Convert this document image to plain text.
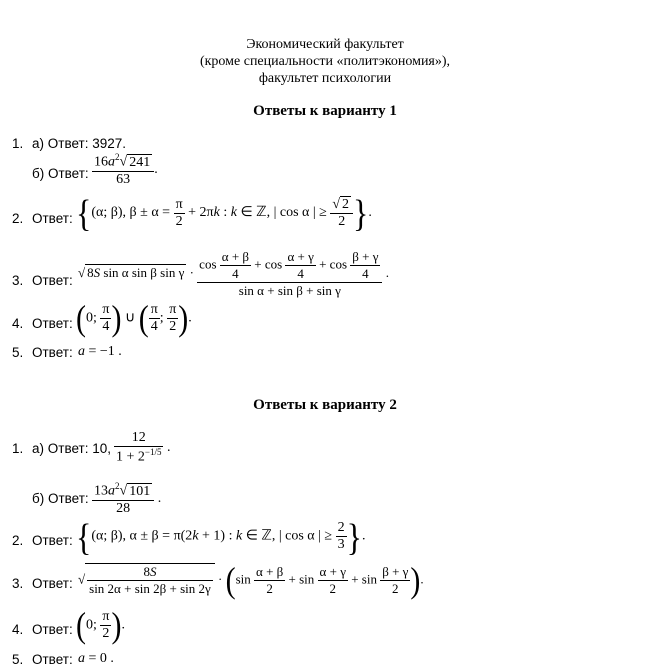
Экономический факультет
(кроме специальности «политэкономия»),
факультет психологии
Ответы к варианту 1
1. а) Ответ: 3927.
б) Ответ: $\frac{16a^2√ 241}{63}$ .
2. Ответ: {(α; β), $\beta \pm \alpha = \frac{\pi}{2} + 2\pi k$ : k ∈ ℤ, | cos α | ≥ $\frac{√ 2}{2}$ }.
3. Ответ:
√ 8S sin α sin β $\sin \gamma \cdot \frac{\cos \frac{\alpha + \beta}{4} + \cos \frac{\alpha + \gamma}{4} + \cos \frac{\beta + \gamma}{4}}{\text{sin α + sin β + sin γ}}$ .
4. Ответ: (0; $\frac{\pi}{4}$ ) ∪ ( $\frac{\pi}{4}$ ; $\frac{\pi}{2}$ ).
5. Ответ: a = −1 .
Ответы к варианту 2
1. а) Ответ: 10, $\frac{12}{1 + 2^{-1/5}}$ .
б) Ответ: $\frac{13a^2√ 101}{28}$ .
2. Ответ: {(α; β), α ± β = π(2k + 1) : k ∈ ℤ, | cos α | ≥ $\frac{2}{3}$ }.
3. Ответ: √ $\frac{8S}{\sin 2\alpha + \sin 2\beta + \sin 2\gamma} \cdot (\sin \frac{\alpha + \beta}{2} + \sin \frac{\alpha + \gamma}{2} + \sin \frac{\beta + \gamma}{2}$ ).
4. Ответ: (0; $\frac{\pi}{2}$ ).
5. Ответ: a = 0 .
